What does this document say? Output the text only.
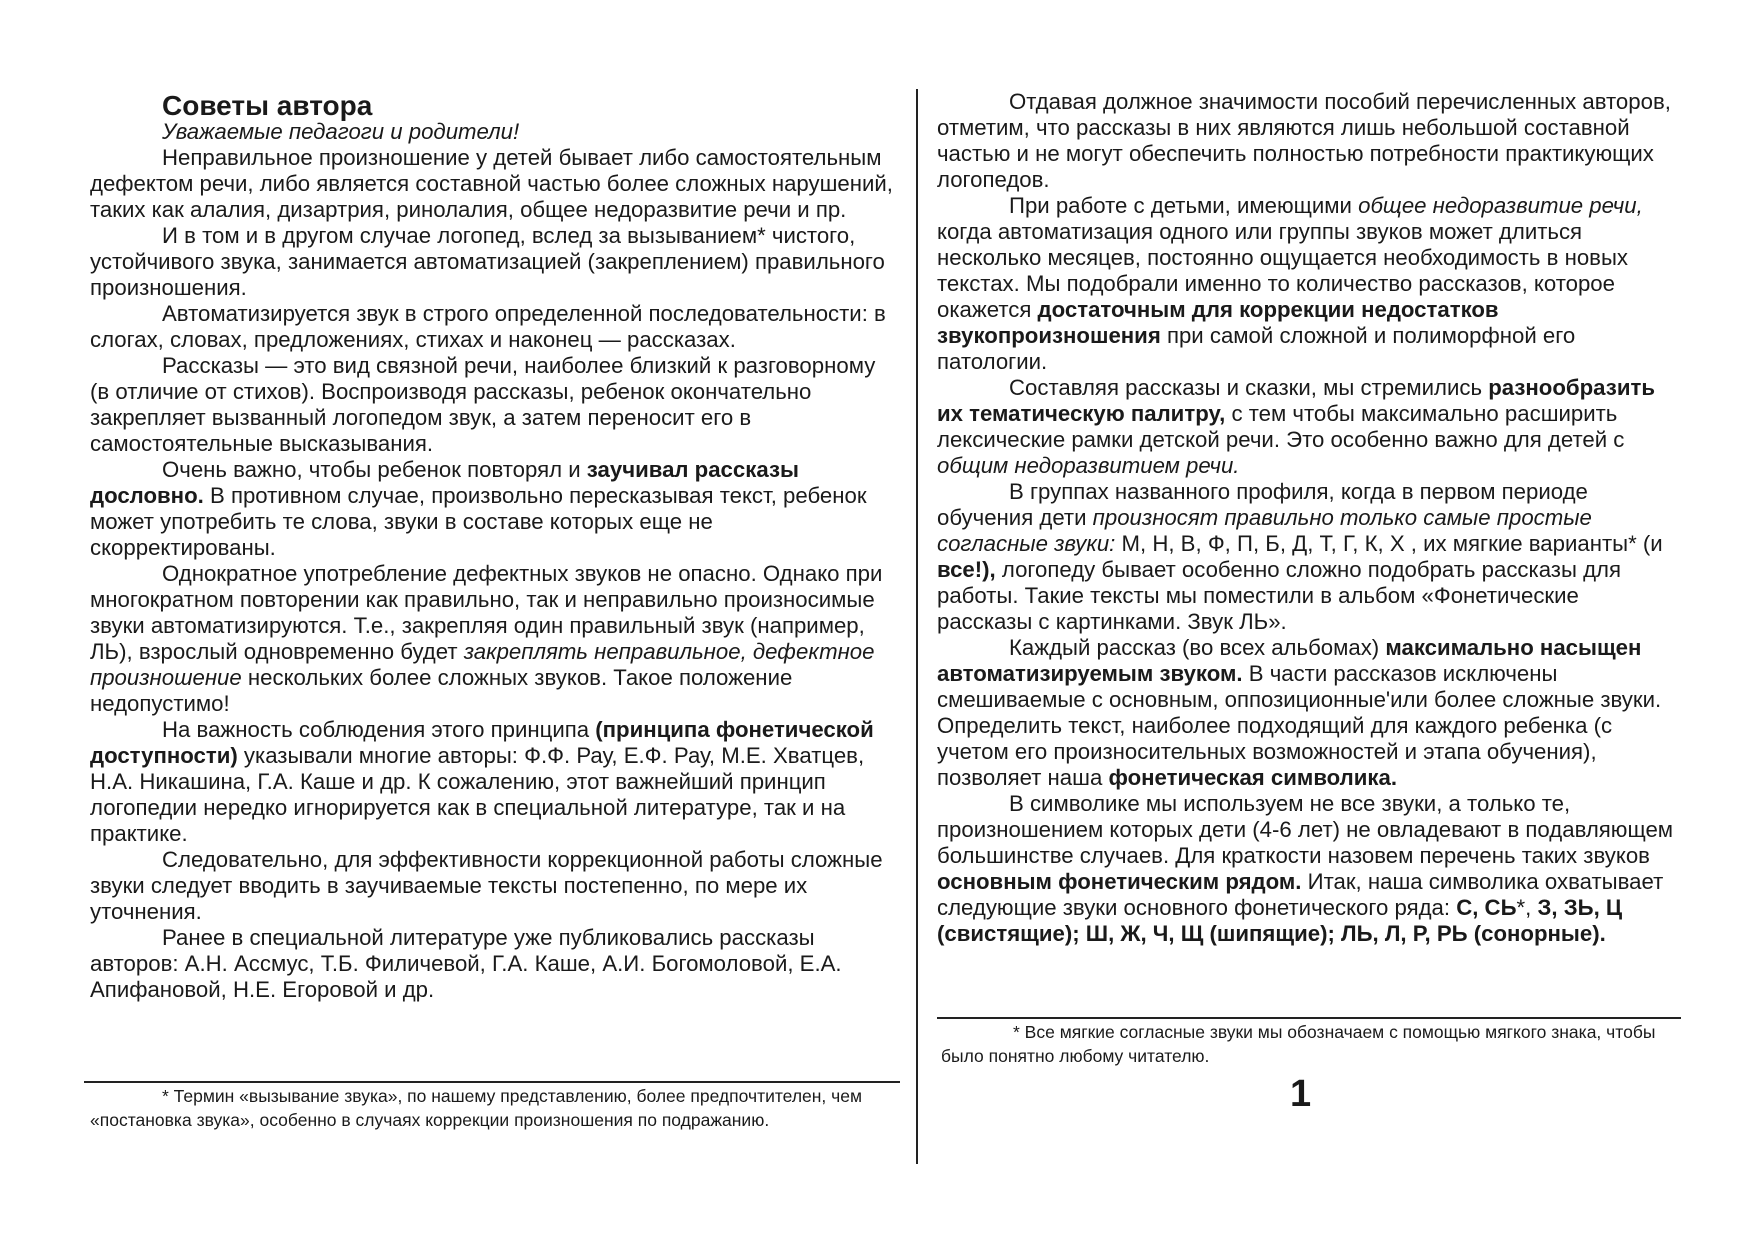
Советы автора
Уважаемые педагоги и родители!

Неправильное произношение у детей бывает либо самостоятельным дефектом речи, либо является составной частью более сложных нарушений, таких как алалия, дизартрия, ринолалия, общее недоразвитие речи и пр.

И в том и в другом случае логопед, вслед за вызыванием* чистого, устойчивого звука, занимается автоматизацией (закреплением) правильного произношения.

Автоматизируется звук в строго определенной последовательности: в слогах, словах, предложениях, стихах и наконец — рассказах.

Рассказы — это вид связной речи, наиболее близкий к разговорному (в отличие от стихов). Воспроизводя рассказы, ребенок окончательно закрепляет вызванный логопедом звук, а затем переносит его в самостоятельные высказывания.

Очень важно, чтобы ребенок повторял и заучивал рассказы дословно. В противном случае, произвольно пересказывая текст, ребенок может употребить те слова, звуки в составе которых еще не скорректированы.

Однократное употребление дефектных звуков не опасно. Однако при многократном повторении как правильно, так и неправильно произносимые звуки автоматизируются. Т.е., закрепляя один правильный звук (например, ЛЬ), взрослый одновременно будет закреплять неправильное, дефектное произношение нескольких более сложных звуков. Такое положение недопустимо!

На важность соблюдения этого принципа (принципа фонетической доступности) указывали многие авторы: Ф.Ф. Рау, Е.Ф. Рау, М.Е. Хватцев, Н.А. Никашина, Г.А. Каше и др. К сожалению, этот важнейший принцип логопедии нередко игнорируется как в специальной литературе, так и на практике.

Следовательно, для эффективности коррекционной работы сложные звуки следует вводить в заучиваемые тексты постепенно, по мере их уточнения.

Ранее в специальной литературе уже публиковались рассказы авторов: А.Н. Ассмус, Т.Б. Филичевой, Г.А. Каше, А.И. Богомоловой, Е.А. Апифановой, Н.Е. Егоровой и др.

* Термин «вызывание звука», по нашему представлению, более предпочтителен, чем «постановка звука», особенно в случаях коррекции произношения по подражанию.

Отдавая должное значимости пособий перечисленных авторов, отметим, что рассказы в них являются лишь небольшой составной частью и не могут обеспечить полностью потребности практикующих логопедов.

При работе с детьми, имеющими общее недоразвитие речи, когда автоматизация одного или группы звуков может длиться несколько месяцев, постоянно ощущается необходимость в новых текстах. Мы подобрали именно то количество рассказов, которое окажется достаточным для коррекции недостатков звукопроизношения при самой сложной и полиморфной его патологии.

Составляя рассказы и сказки, мы стремились разнообразить их тематическую палитру, с тем чтобы максимально расширить лексические рамки детской речи. Это особенно важно для детей с общим недоразвитием речи.

В группах названного профиля, когда в первом периоде обучения дети произносят правильно только самые простые согласные звуки: М, Н, В, Ф, П, Б, Д, Т, Г, К, Х , их мягкие варианты* (и все!), логопеду бывает особенно сложно подобрать рассказы для работы. Такие тексты мы поместили в альбом «Фонетические рассказы с картинками. Звук ЛЬ».

Каждый рассказ (во всех альбомах) максимально насыщен автоматизируемым звуком. В части рассказов исключены смешиваемые с основным, оппозиционные'или более сложные звуки. Определить текст, наиболее подходящий для каждого ребенка (с учетом его произносительных возможностей и этапа обучения), позволяет наша фонетическая символика.

В символике мы используем не все звуки, а только те, произношением которых дети (4-6 лет) не овладевают в подавляющем большинстве случаев. Для краткости назовем перечень таких звуков основным фонетическим рядом. Итак, наша символика охватывает следующие звуки основного фонетического ряда: С, СЬ*, З, ЗЬ, Ц (свистящие); Ш, Ж, Ч, Щ (шипящие); ЛЬ, Л, Р, РЬ (сонорные).

* Все мягкие согласные звуки мы обозначаем с помощью мягкого знака, чтобы было понятно любому читателю.

1
